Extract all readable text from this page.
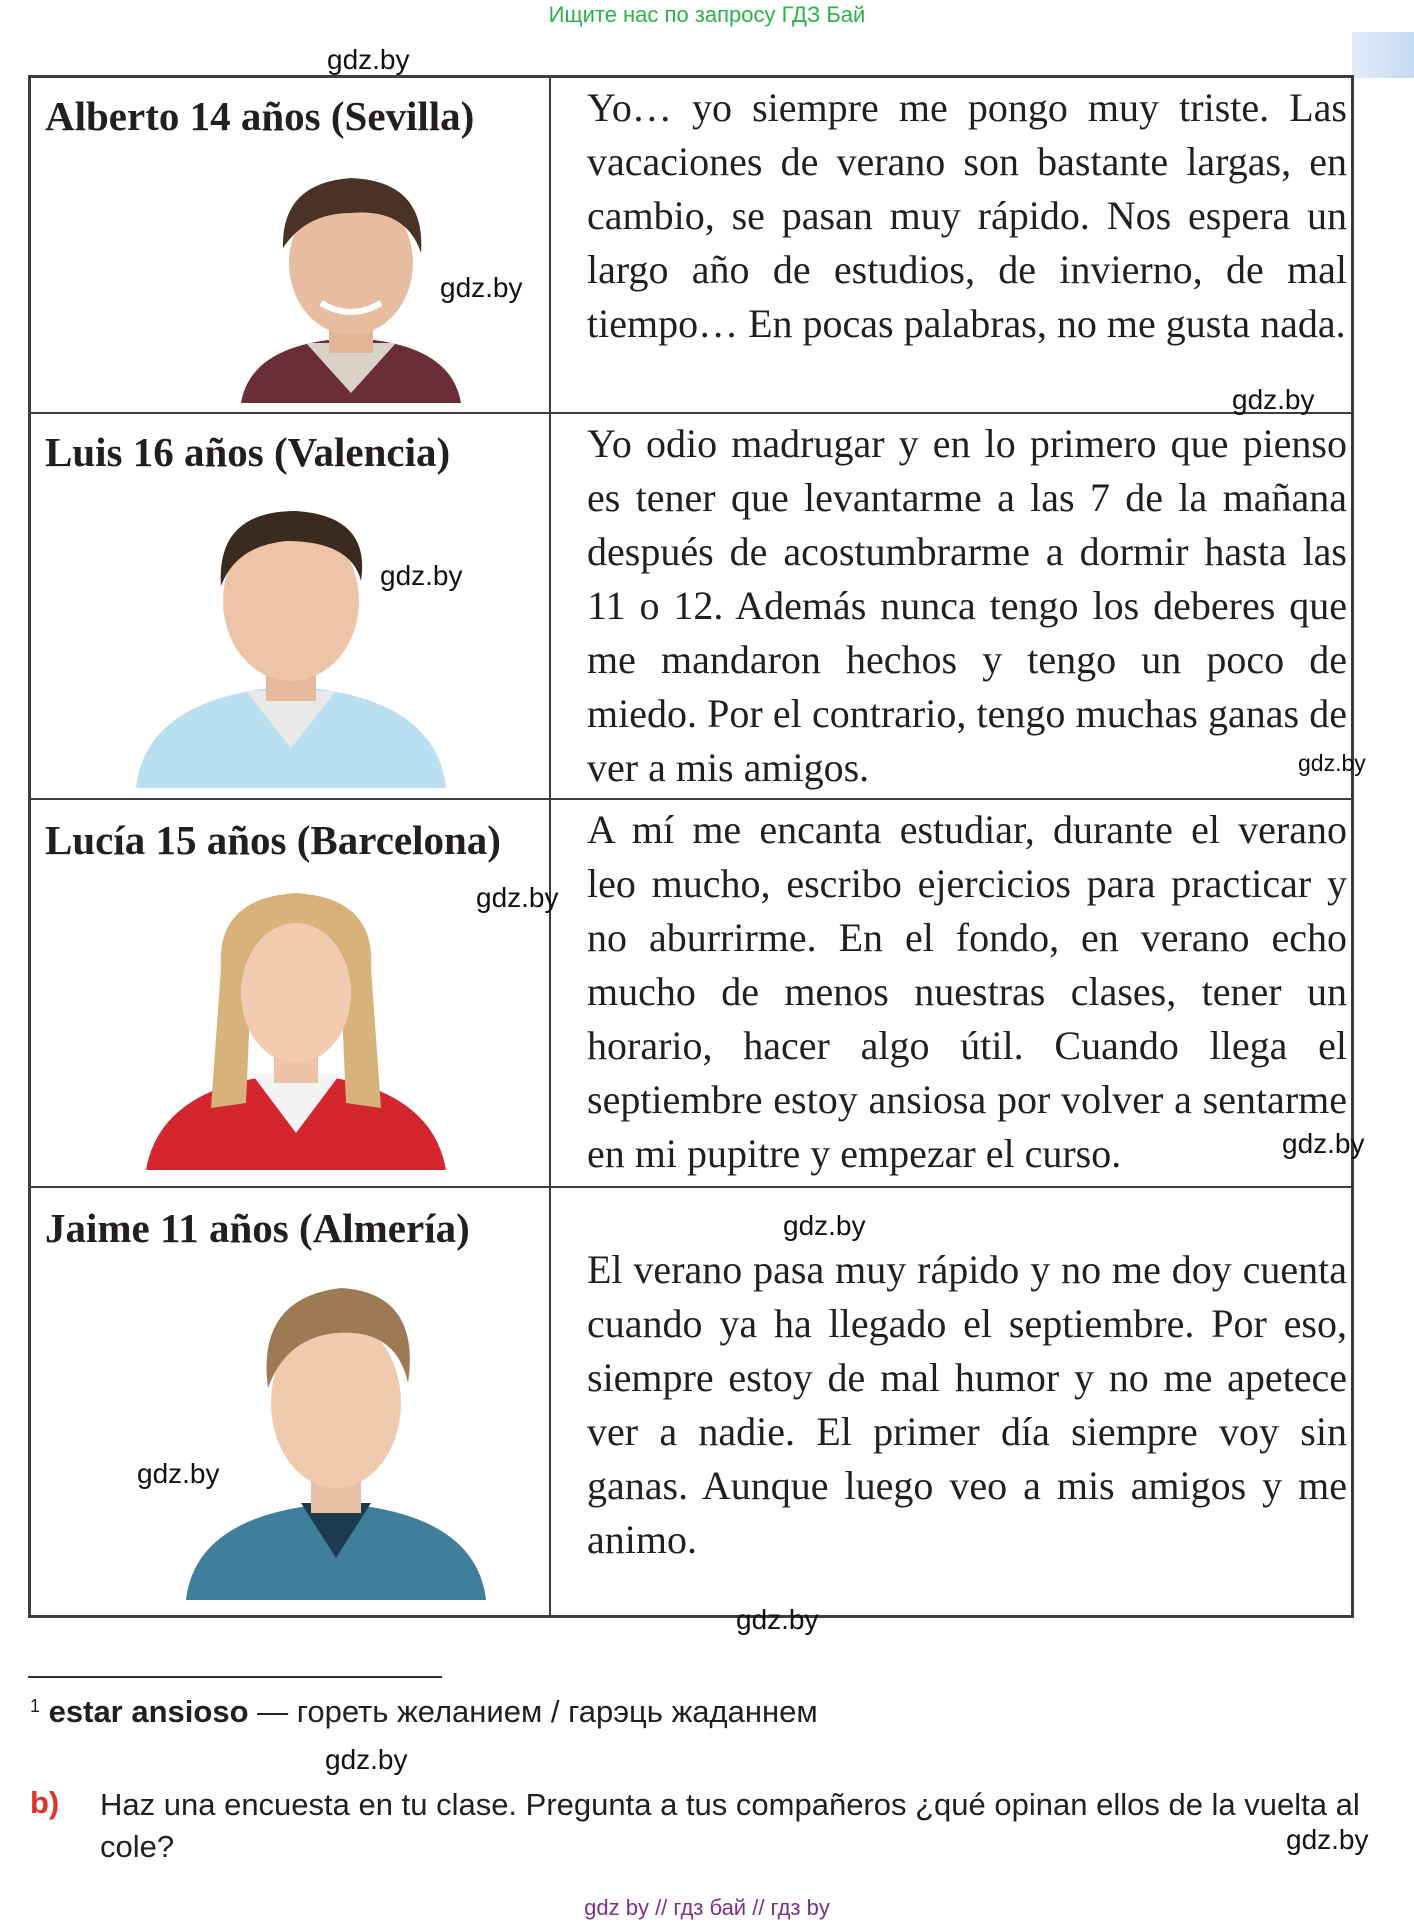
Ищите нас по запросу ГДЗ Бай
Alberto 14 años (Sevilla)	Yo… yo siempre me pongo muy triste. Las vacaciones de verano son bastante largas, en cambio, se pasan muy rápido. Nos espera un largo año de estudios, de invierno, de mal tiempo… En pocas palabras, no me gusta nada.
Luis 16 años (Valencia)	Yo odio madrugar y en lo primero que pienso es tener que levantarme a las 7 de la mañana después de acostumbrarme a dormir hasta las 11 o 12. Además nunca tengo los deberes que me mandaron hechos y tengo un poco de miedo. Por el contrario, tengo muchas ganas de ver a mis amigos.
Lucía 15 años (Barcelona) A mí me encanta estudiar, durante el verano leo mucho, escribo ejercicios para practicar y no aburrirme. En el fondo, en verano echo mucho de menos nuestras clases, tener un horario, hacer algo útil. Cuando llega el septiembre estoy ansiosa por volver a sentarme en mi pupitre y empezar el curso.
Jaime 11 años (Almería)
El verano pasa muy rápido y no me doy cuenta cuando ya ha llegado el septiembre. Por eso, siempre estoy de mal humor y no me apetece ver a nadie. El primer día siempre voy sin ganas. Aunque luego veo a mis amigos y me animo.
gdz.by
gdz.by
gdz.by
gdz.by
gdz.by
gdz.by
gdz.by
gdz.by
gdz.by
gdz.by
gdz.by
gdz.by
$^1$ estar ansioso — гореть желанием / гарэць жаданнем
b) Haz una encuesta en tu clase. Pregunta a tus compañeros ¿qué opinan ellos de la vuelta al cole?
gdz by // гдз бай // гдз by
